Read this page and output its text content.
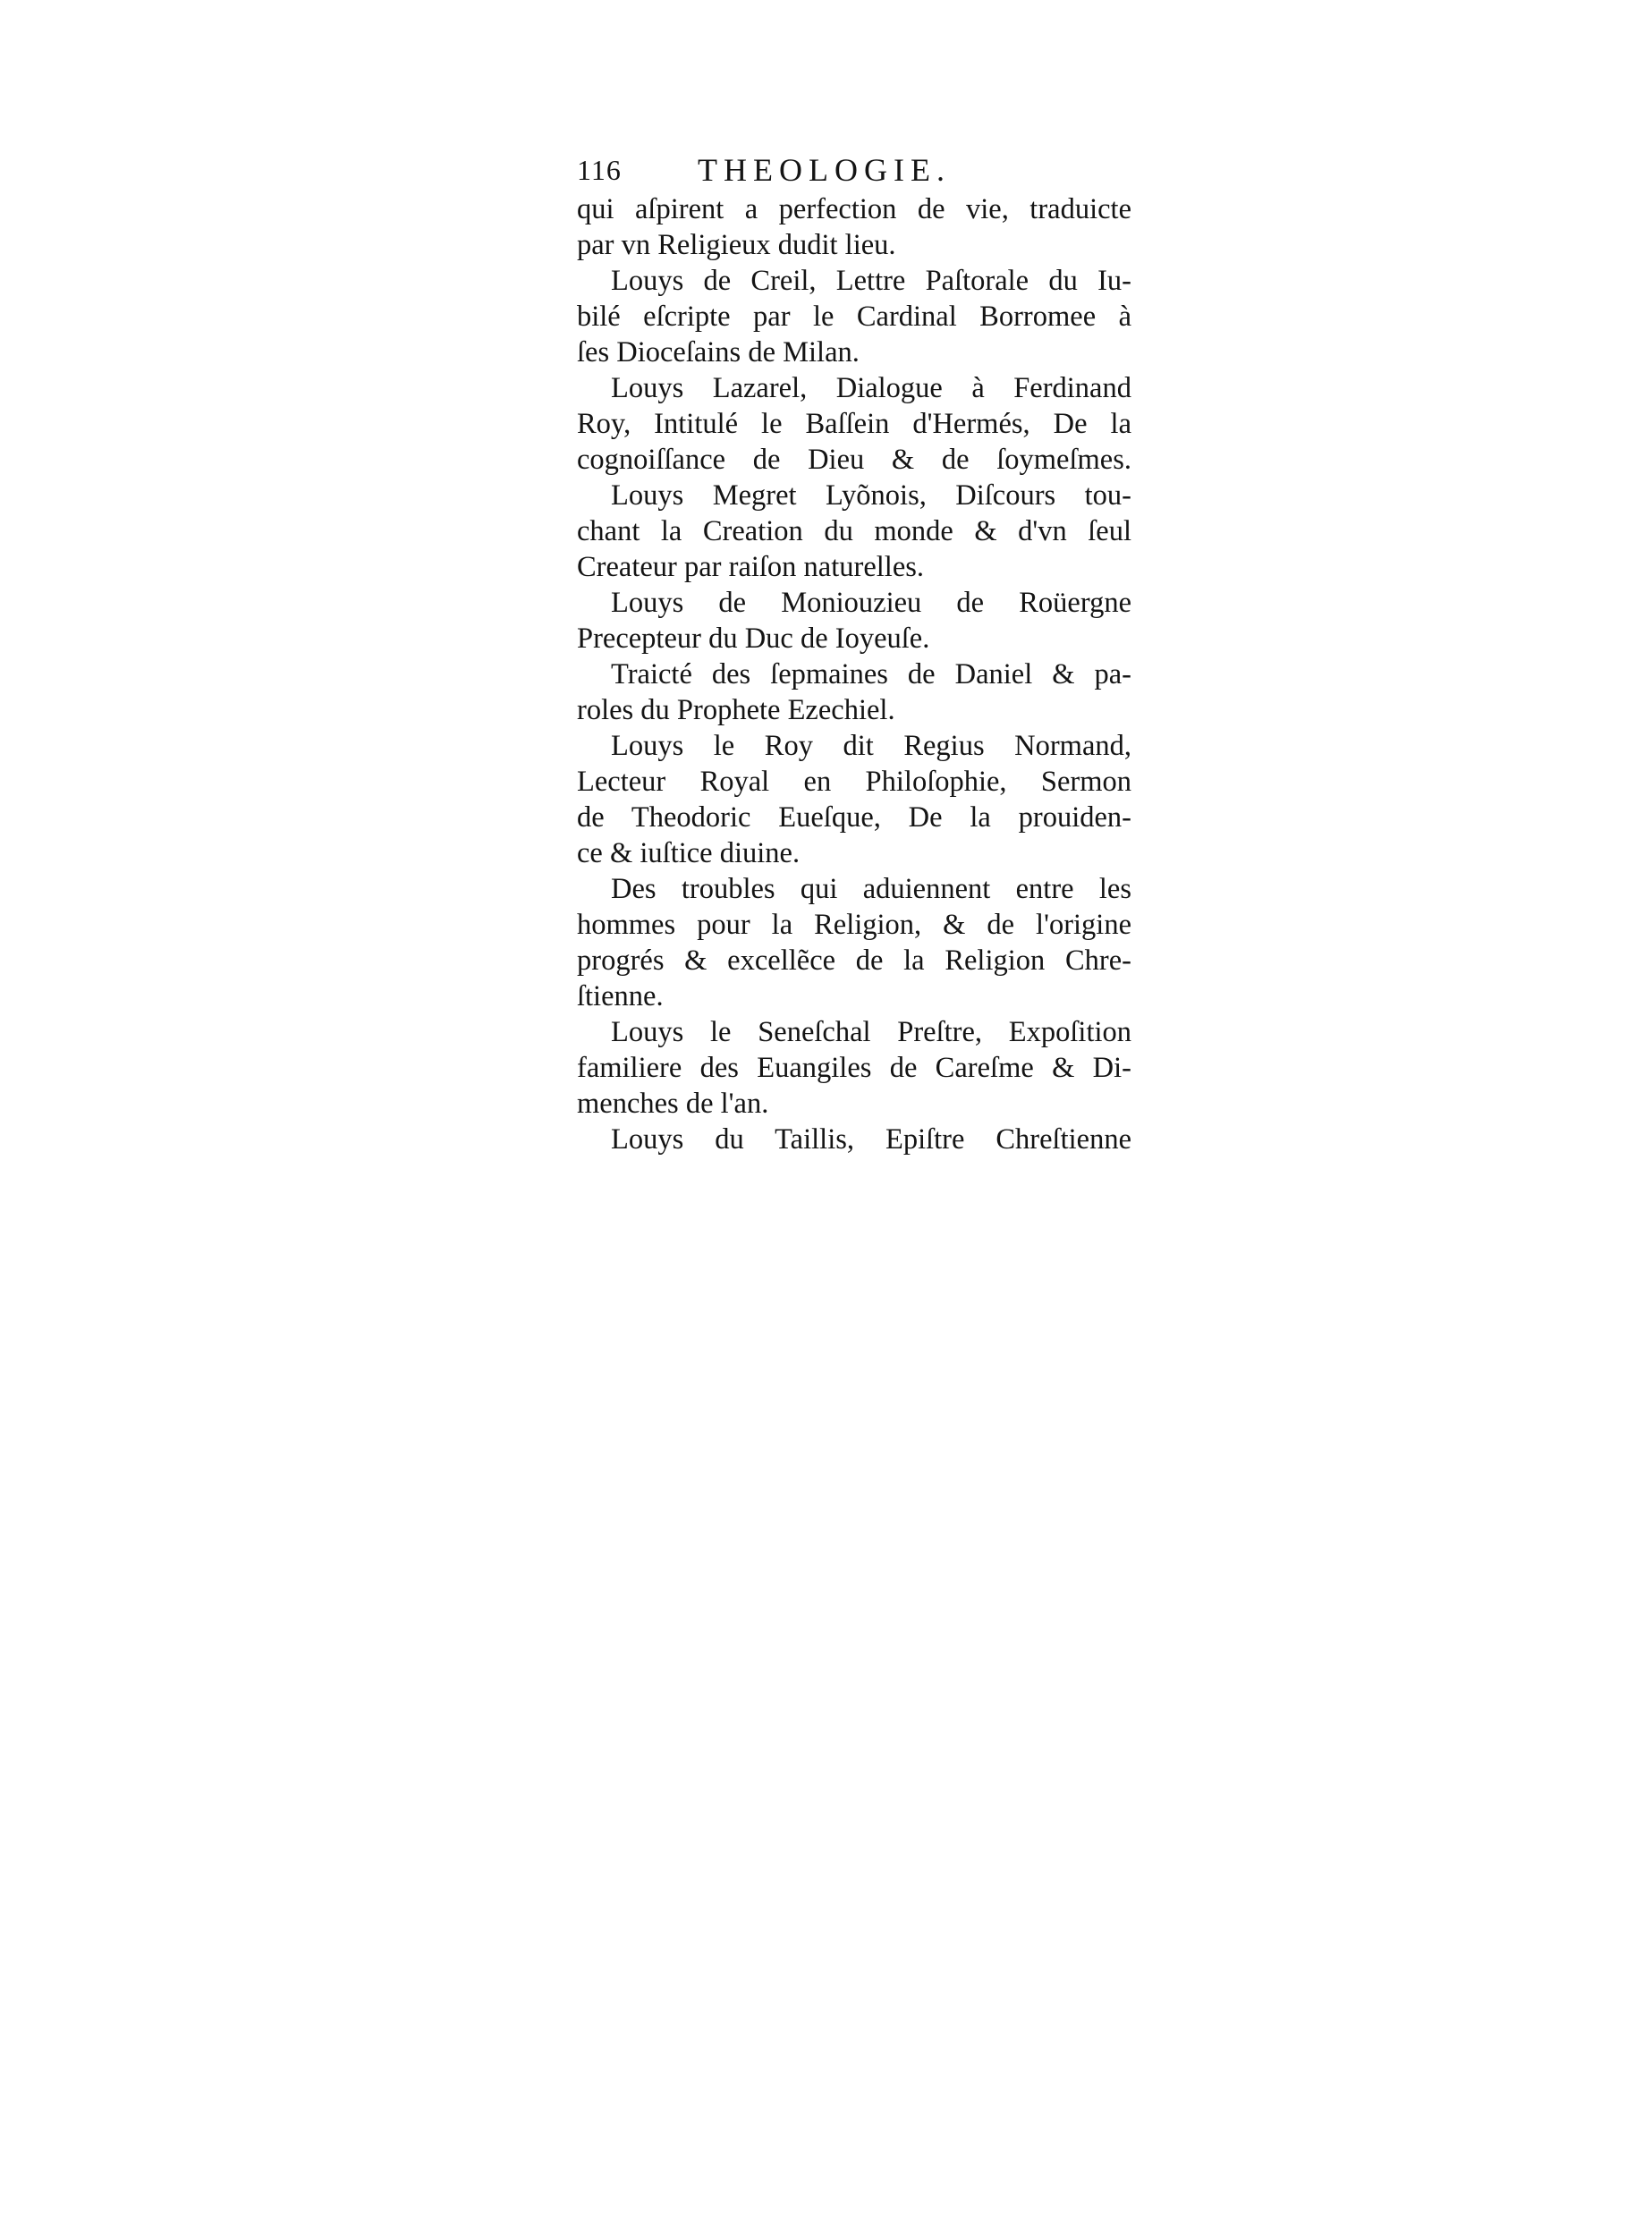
116 THEOLOGIE.
qui aſpirent a perfection de vie, traduicte
par vn Religieux dudit lieu.
Louys de Creil, Lettre Paſtorale du Iu-
bilé eſcripte par le Cardinal Borromee à
ſes Dioceſains de Milan.
Louys Lazarel, Dialogue à Ferdinand
Roy, Intitulé le Baſſein d'Hermés, De la
cognoiſſance de Dieu & de ſoymeſmes.
Louys Megret Lyõnois, Diſcours tou-
chant la Creation du monde & d'vn ſeul
Createur par raiſon naturelles.
Louys de Moniouzieu de Roüergne
Precepteur du Duc de Ioyeuſe.
Traicté des ſepmaines de Daniel & pa-
roles du Prophete Ezechiel.
Louys le Roy dit Regius Normand,
Lecteur Royal en Philoſophie, Sermon
de Theodoric Eueſque, De la prouiden-
ce & iuſtice diuine.
Des troubles qui aduiennent entre les
hommes pour la Religion, & de l'origine
progrés & excellẽce de la Religion Chre-
ſtienne.
Louys le Seneſchal Preſtre, Expoſition
familiere des Euangiles de Careſme & Di-
menches de l'an.
Louys du Taillis, Epiſtre Chreſtienne
